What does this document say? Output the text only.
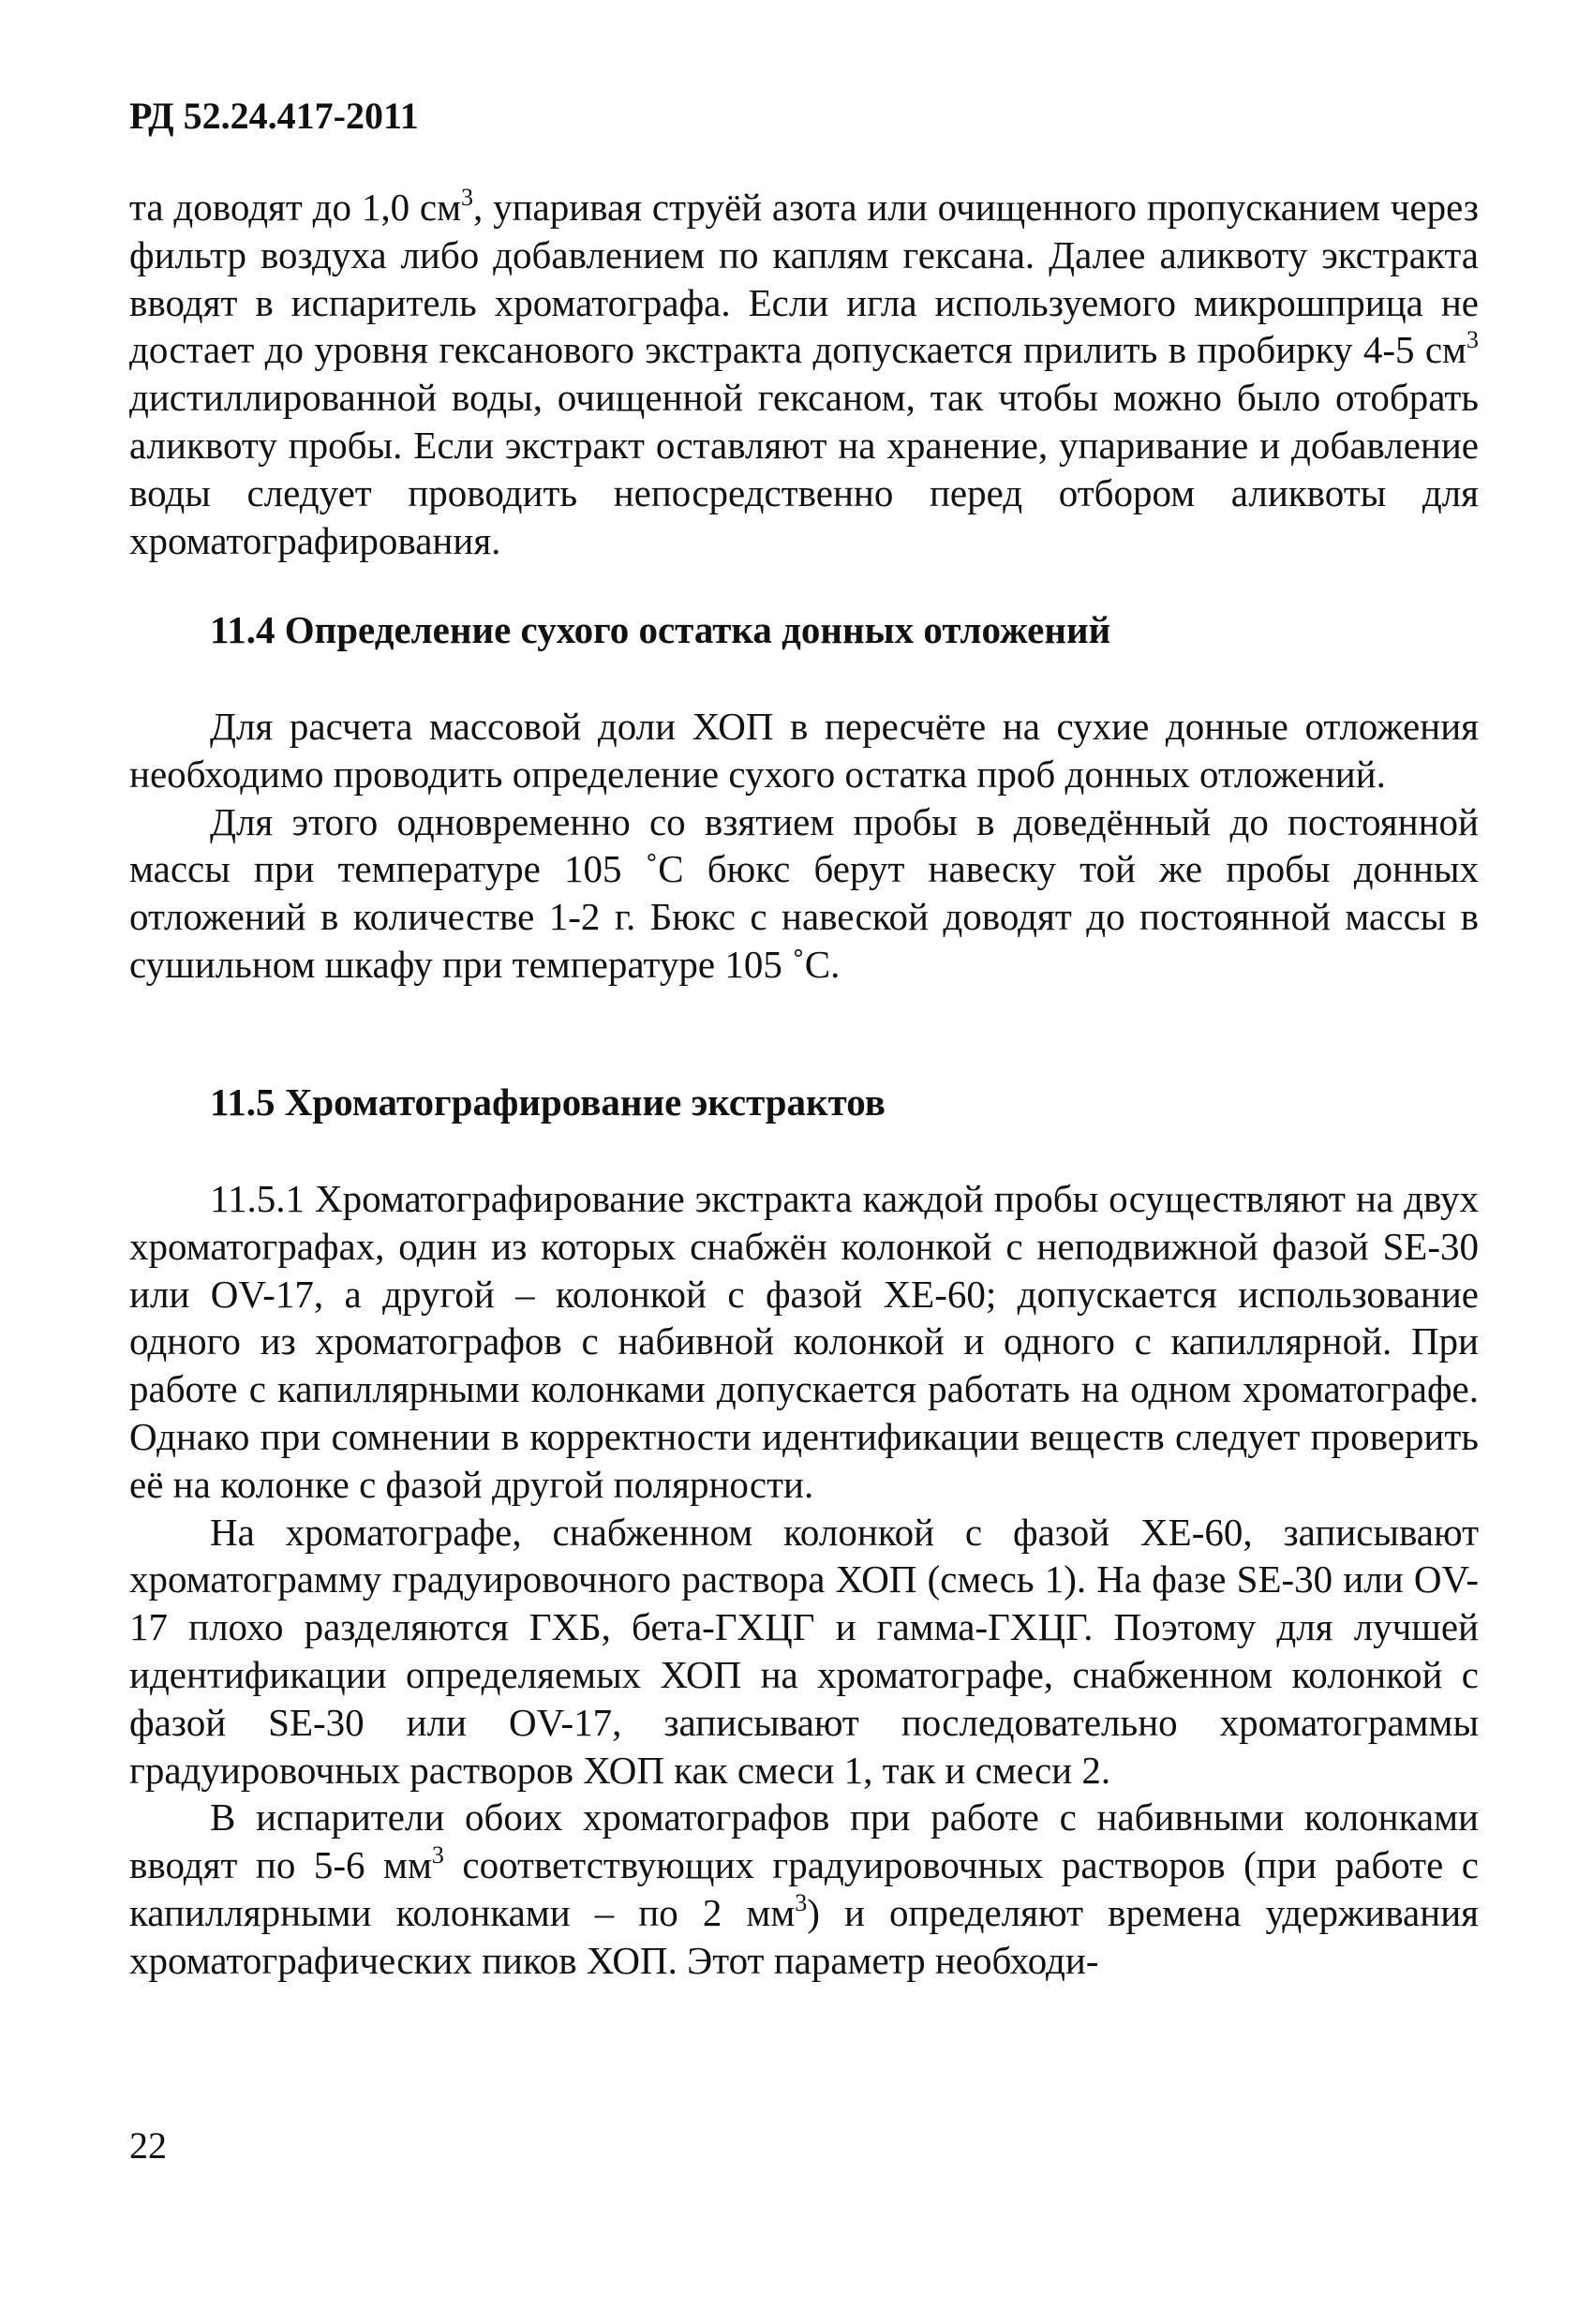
РД 52.24.417-2011

та доводят до 1,0 $см^3$, упаривая струёй азота или очищенного пропусканием через фильтр воздуха либо добавлением по каплям гексана. Далее аликвоту экстракта вводят в испаритель хроматографа. Если игла используемого микрошприца не достает до уровня гексанового экстракта допускается прилить в пробирку 4-5 $см^3$ дистиллированной воды, очищенной гексаном, так чтобы можно было отобрать аликвоту пробы. Если экстракт оставляют на хранение, упаривание и добавление воды следует проводить непосредственно перед отбором аликвоты для хроматографирования.

11.4 Определение сухого остатка донных отложений

Для расчета массовой доли ХОП в пересчёте на сухие донные отложения необходимо проводить определение сухого остатка проб донных отложений.

Для этого одновременно со взятием пробы в доведённый до постоянной массы при температуре 105 ˚С бюкс берут навеску той же пробы донных отложений в количестве 1-2 г. Бюкс с навеской доводят до постоянной массы в сушильном шкафу при температуре 105 ˚С.

11.5 Хроматографирование экстрактов

11.5.1 Хроматографирование экстракта каждой пробы осуществляют на двух хроматографах, один из которых снабжён колонкой с неподвижной фазой SE-30 или OV-17, а другой – колонкой с фазой ХЕ-60; допускается использование одного из хроматографов с набивной колонкой и одного с капиллярной. При работе с капиллярными колонками допускается работать на одном хроматографе. Однако при сомнении в корректности идентификации веществ следует проверить её на колонке с фазой другой полярности.

На хроматографе, снабженном колонкой с фазой ХЕ-60, записывают хроматограмму градуировочного раствора ХОП (смесь 1). На фазе SE-30 или OV-17 плохо разделяются ГХБ, бета-ГХЦГ и гамма-ГХЦГ. Поэтому для лучшей идентификации определяемых ХОП на хроматографе, снабженном колонкой с фазой SE-30 или OV-17, записывают последовательно хроматограммы градуировочных растворов ХОП как смеси 1, так и смеси 2.

В испарители обоих хроматографов при работе с набивными колонками вводят по 5-6 $мм^3$ соответствующих градуировочных растворов (при работе с капиллярными колонками – по 2 $мм^3$) и определяют времена удерживания хроматографических пиков ХОП. Этот параметр необходи-

22
